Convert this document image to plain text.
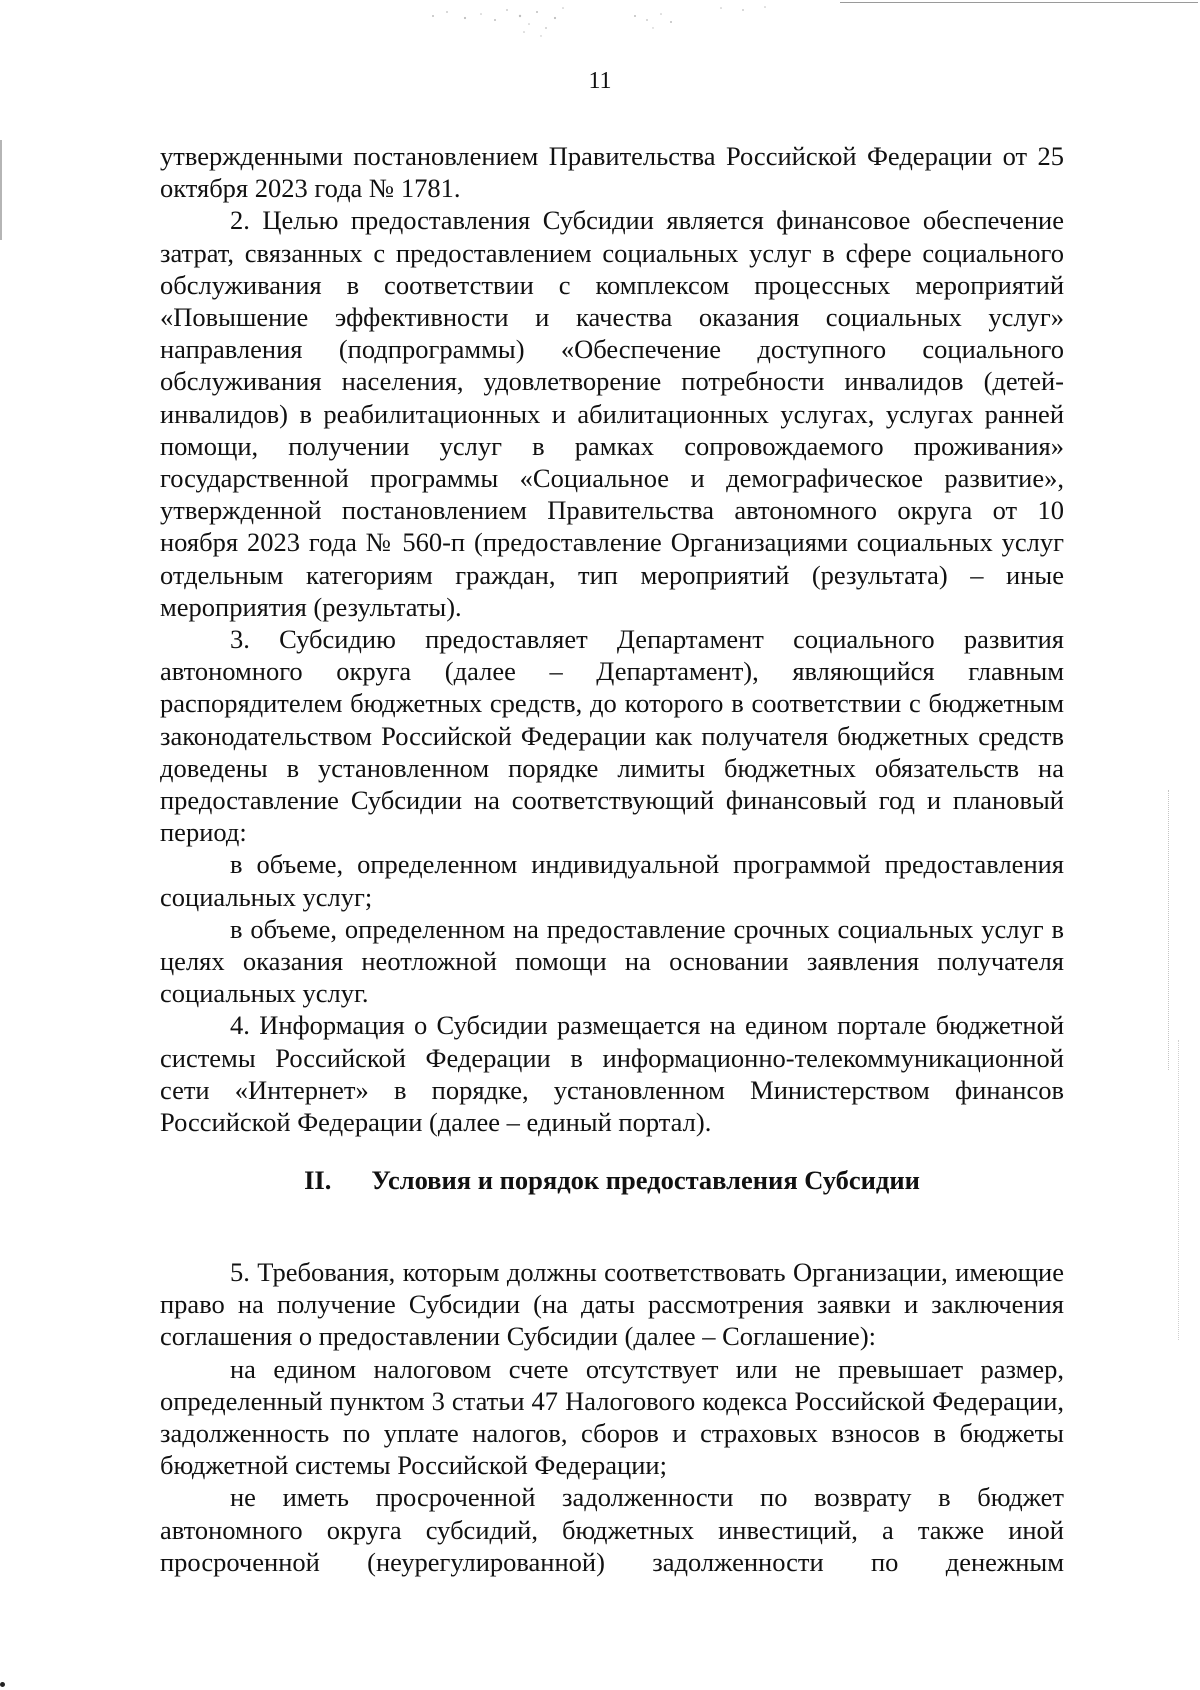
11

утвержденными постановлением Правительства Российской Федерации от 25 октября 2023 года № 1781.

2. Целью предоставления Субсидии является финансовое обеспечение затрат, связанных с предоставлением социальных услуг в сфере социального обслуживания в соответствии с комплексом процессных мероприятий «Повышение эффективности и качества оказания социальных услуг» направления (подпрограммы) «Обеспечение доступного социального обслуживания населения, удовлетворение потребности инвалидов (детей-инвалидов) в реабилитационных и абилитационных услугах, услугах ранней помощи, получении услуг в рамках сопровождаемого проживания» государственной программы «Социальное и демографическое развитие», утвержденной постановлением Правительства автономного округа от 10 ноября 2023 года № 560-п (предоставление Организациями социальных услуг отдельным категориям граждан, тип мероприятий (результата) – иные мероприятия (результаты).

3. Субсидию предоставляет Департамент социального развития автономного округа (далее – Департамент), являющийся главным распорядителем бюджетных средств, до которого в соответствии с бюджетным законодательством Российской Федерации как получателя бюджетных средств доведены в установленном порядке лимиты бюджетных обязательств на предоставление Субсидии на соответствующий финансовый год и плановый период:

в объеме, определенном индивидуальной программой предоставления социальных услуг;

в объеме, определенном на предоставление срочных социальных услуг в целях оказания неотложной помощи на основании заявления получателя социальных услуг.

4. Информация о Субсидии размещается на едином портале бюджетной системы Российской Федерации в информационно-телекоммуникационной сети «Интернет» в порядке, установленном Министерством финансов Российской Федерации (далее – единый портал).

II. Условия и порядок предоставления Субсидии

5. Требования, которым должны соответствовать Организации, имеющие право на получение Субсидии (на даты рассмотрения заявки и заключения соглашения о предоставлении Субсидии (далее – Соглашение):

на едином налоговом счете отсутствует или не превышает размер, определенный пунктом 3 статьи 47 Налогового кодекса Российской Федерации, задолженность по уплате налогов, сборов и страховых взносов в бюджеты бюджетной системы Российской Федерации;

не иметь просроченной задолженности по возврату в бюджет автономного округа субсидий, бюджетных инвестиций, а также иной просроченной (неурегулированной) задолженности по денежным
